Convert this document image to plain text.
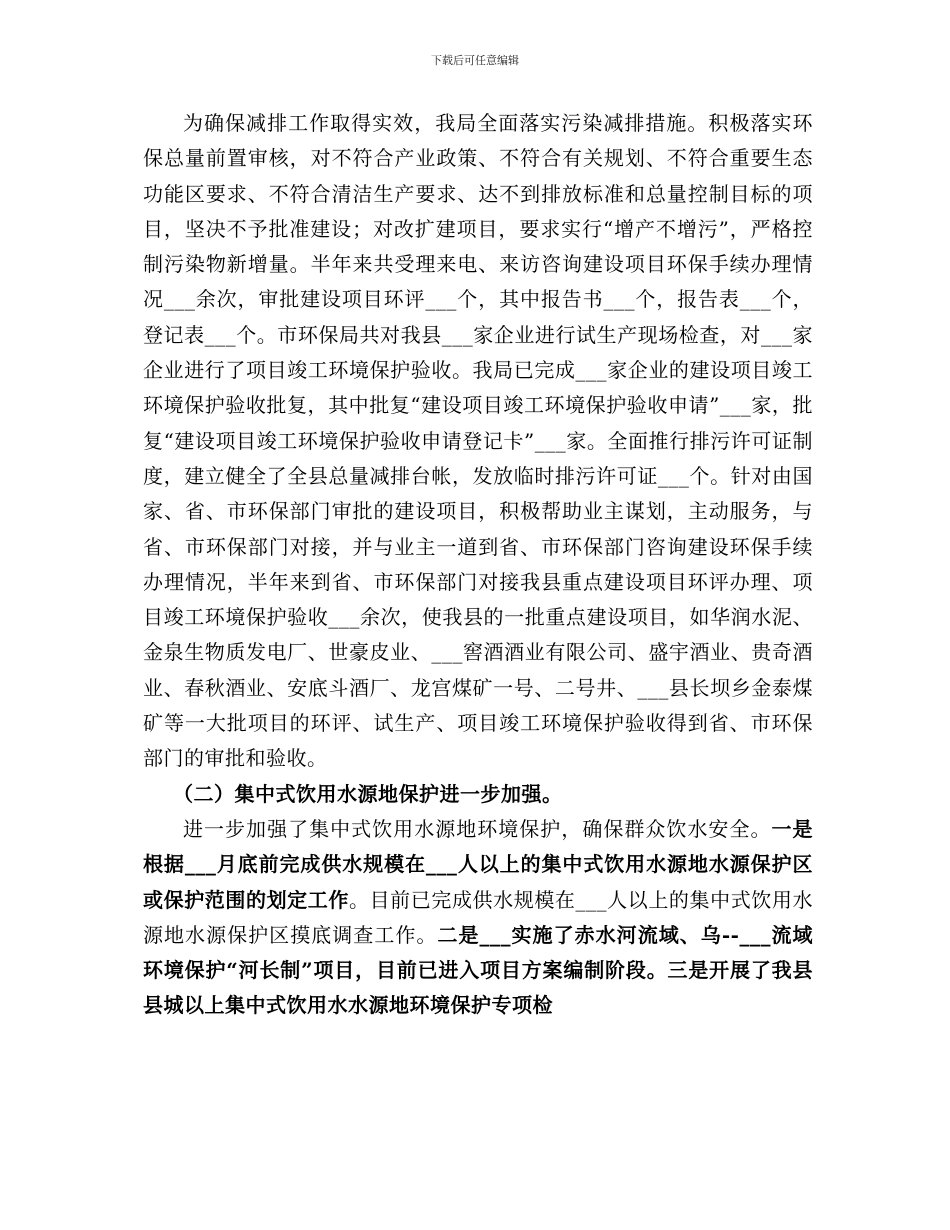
下载后可任意编辑

为确保减排工作取得实效，我局全面落实污染减排措施。积极落实环保总量前置审核，对不符合产业政策、不符合有关规划、不符合重要生态功能区要求、不符合清洁生产要求、达不到排放标准和总量控制目标的项目，坚决不予批准建设；对改扩建项目，要求实行“增产不增污”，严格控制污染物新增量。半年来共受理来电、来访咨询建设项目环保手续办理情况___余次，审批建设项目环评___个，其中报告书___个，报告表___个，登记表___个。市环保局共对我县___家企业进行试生产现场检查，对___家企业进行了项目竣工环境保护验收。我局已完成___家企业的建设项目竣工环境保护验收批复，其中批复“建设项目竣工环境保护验收申请”___家，批复“建设项目竣工环境保护验收申请登记卡”___家。全面推行排污许可证制度，建立健全了全县总量减排台帐，发放临时排污许可证___个。针对由国家、省、市环保部门审批的建设项目，积极帮助业主谋划，主动服务，与省、市环保部门对接，并与业主一道到省、市环保部门咨询建设环保手续办理情况，半年来到省、市环保部门对接我县重点建设项目环评办理、项目竣工环境保护验收___余次，使我县的一批重点建设项目，如华润水泥、金泉生物质发电厂、世豪皮业、___窖酒酒业有限公司、盛宇酒业、贵奇酒业、春秋酒业、安底斗酒厂、龙宫煤矿一号、二号井、___县长坝乡金泰煤矿等一大批项目的环评、试生产、项目竣工环境保护验收得到省、市环保部门的审批和验收。

（二）集中式饮用水源地保护进一步加强。

进一步加强了集中式饮用水源地环境保护，确保群众饮水安全。一是根据___月底前完成供水规模在___人以上的集中式饮用水源地水源保护区或保护范围的划定工作。目前已完成供水规模在___人以上的集中式饮用水源地水源保护区摸底调查工作。二是___实施了赤水河流域、乌--___流域环境保护“河长制”项目，目前已进入项目方案编制阶段。三是开展了我县县城以上集中式饮用水水源地环境保护专项检
